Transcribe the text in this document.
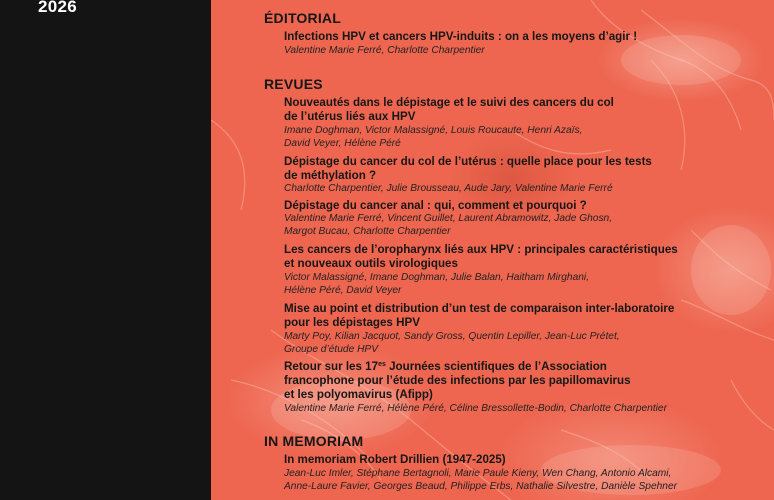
2026
ÉDITORIAL
Infections HPV et cancers HPV-induits : on a les moyens d’agir !
Valentine Marie Ferré, Charlotte Charpentier
REVUES
Nouveautés dans le dépistage et le suivi des cancers du col
de l’utérus liés aux HPV
Imane Doghman, Victor Malassigné, Louis Roucaute, Henri Azaïs,
David Veyer, Hélène Péré
Dépistage du cancer du col de l’utérus : quelle place pour les tests
de méthylation ?
Charlotte Charpentier, Julie Brousseau, Aude Jary, Valentine Marie Ferré
Dépistage du cancer anal : qui, comment et pourquoi ?
Valentine Marie Ferré, Vincent Guillet, Laurent Abramowitz, Jade Ghosn,
Margot Bucau, Charlotte Charpentier
Les cancers de l’oropharynx liés aux HPV : principales caractéristiques
et nouveaux outils virologiques
Victor Malassigné, Imane Doghman, Julie Balan, Haitham Mirghani,
Hélène Péré, David Veyer
Mise au point et distribution d’un test de comparaison inter-laboratoire
pour les dépistages HPV
Marty Poy, Kilian Jacquot, Sandy Gross, Quentin Lepiller, Jean-Luc Prétet,
Groupe d’étude HPV
Retour sur les $17^{es}$ Journées scientifiques de l’Association
francophone pour l’étude des infections par les papillomavirus
et les polyomavirus (Afipp)
Valentine Marie Ferré, Hélène Péré, Céline Bressollette-Bodin, Charlotte Charpentier
IN MEMORIAM
In memoriam Robert Drillien (1947-2025)
Jean-Luc Imler, Stéphane Bertagnoli, Marie Paule Kieny, Wen Chang, Antonio Alcami,
Anne-Laure Favier, Georges Beaud, Philippe Erbs, Nathalie Silvestre, Danièle Spehner
